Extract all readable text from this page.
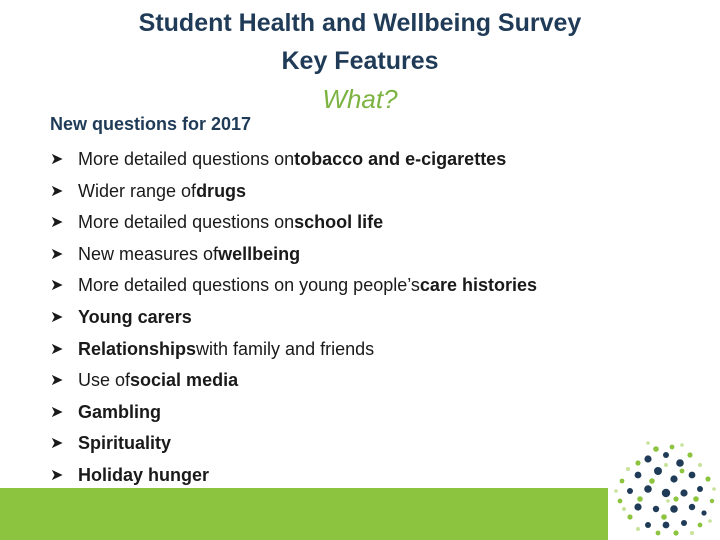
Student Health and Wellbeing Survey
Key Features
What?
New questions for 2017
➤ More detailed questions on tobacco and e-cigarettes
➤ Wider range of drugs
➤ More detailed questions on school life
➤ New measures of wellbeing
➤ More detailed questions on young people’s care histories
➤ Young carers
➤ Relationships with family and friends
➤ Use of social media
➤ Gambling
➤ Spirituality
➤ Holiday hunger
